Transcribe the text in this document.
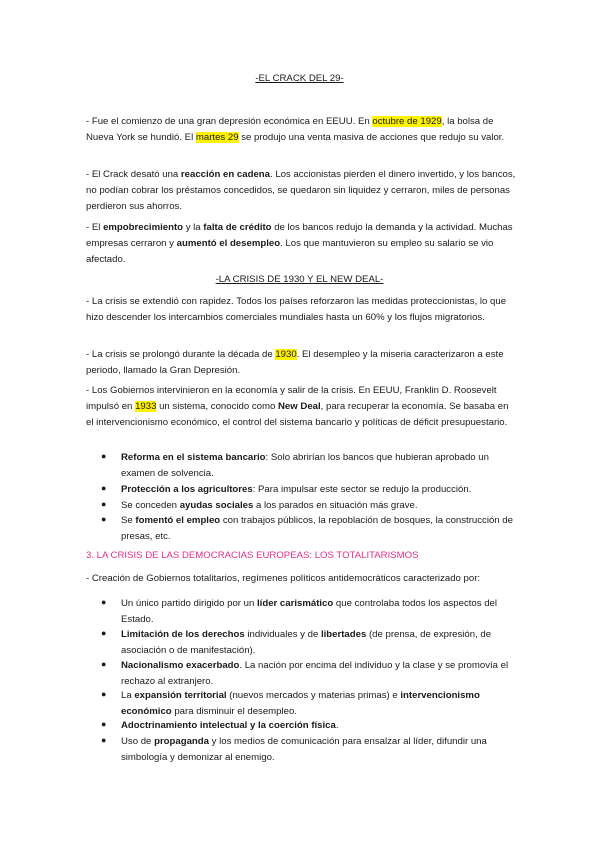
-EL CRACK DEL 29-

- Fue el comienzo de una gran depresión económica en EEUU. En octubre de 1929, la bolsa de Nueva York se hundió. El martes 29 se produjo una venta masiva de acciones que redujo su valor.

- El Crack desató una reacción en cadena. Los accionistas pierden el dinero invertido, y los bancos, no podían cobrar los préstamos concedidos, se quedaron sin liquidez y cerraron, miles de personas perdieron sus ahorros.

- El empobrecimiento y la falta de crédito de los bancos redujo la demanda y la actividad. Muchas empresas cerraron y aumentó el desempleo. Los que mantuvieron su empleo su salario se vio afectado.

-LA CRISIS DE 1930 Y EL NEW DEAL-

- La crisis se extendió con rapidez. Todos los países reforzaron las medidas proteccionistas, lo que hizo descender los intercambios comerciales mundiales hasta un 60% y los flujos migratorios.

- La crisis se prolongó durante la década de 1930. El desempleo y la miseria caracterizaron a este periodo, llamado la Gran Depresión.

- Los Gobiernos intervinieron en la economía y salir de la crisis. En EEUU, Franklin D. Roosevelt impulsó en 1933 un sistema, conocido como New Deal, para recuperar la economía. Se basaba en el intervencionismo económico, el control del sistema bancario y políticas de déficit presupuestario.

● Reforma en el sistema bancario: Solo abrirían los bancos que hubieran aprobado un examen de solvencia.

● Protección a los agricultores: Para impulsar este sector se redujo la producción.

● Se conceden ayudas sociales a los parados en situación más grave.

● Se fomentó el empleo con trabajos públicos, la repoblación de bosques, la construcción de presas, etc.

3. LA CRISIS DE LAS DEMOCRACIAS EUROPEAS: LOS TOTALITARISMOS

- Creación de Gobiernos totalitarios, regímenes políticos antidemocráticos caracterizado por:

● Un único partido dirigido por un líder carismático que controlaba todos los aspectos del Estado.

● Limitación de los derechos individuales y de libertades (de prensa, de expresión, de asociación o de manifestación).

● Nacionalismo exacerbado. La nación por encima del individuo y la clase y se promovía el rechazo al extranjero.

● La expansión territorial (nuevos mercados y materias primas) e intervencionismo económico para disminuir el desempleo.

● Adoctrinamiento intelectual y la coerción física.

● Uso de propaganda y los medios de comunicación para ensalzar al líder, difundir una simbología y demonizar al enemigo.
